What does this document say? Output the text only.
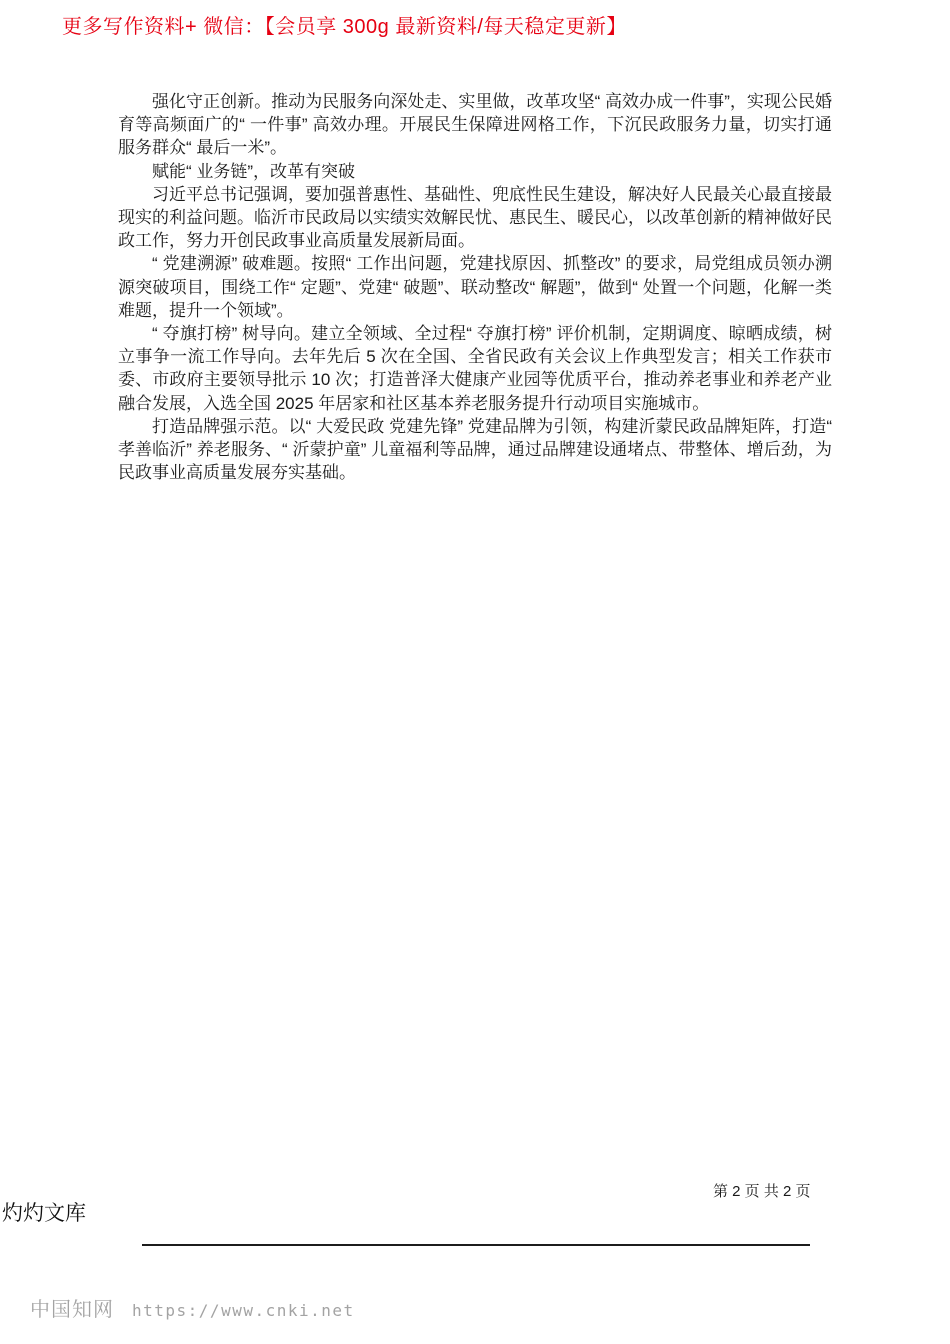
更多写作资料+ 微信：【会员享 300g 最新资料/每天稳定更新】

强化守正创新。推动为民服务向深处走、实里做，改革攻坚“ 高效办成一件事”，实现公民婚育等高频面广的“ 一件事” 高效办理。开展民生保障进网格工作，下沉民政服务力量，切实打通服务群众“ 最后一米”。

赋能“ 业务链”，改革有突破

习近平总书记强调，要加强普惠性、基础性、兜底性民生建设，解决好人民最关心最直接最现实的利益问题。临沂市民政局以实绩实效解民忧、惠民生、暖民心，以改革创新的精神做好民政工作，努力开创民政事业高质量发展新局面。

“ 党建溯源” 破难题。按照“ 工作出问题，党建找原因、抓整改” 的要求，局党组成员领办溯源突破项目，围绕工作“ 定题”、党建“ 破题”、联动整改“ 解题”，做到“ 处置一个问题，化解一类难题，提升一个领域”。

“ 夺旗打榜” 树导向。建立全领域、全过程“ 夺旗打榜” 评价机制，定期调度、晾晒成绩，树立事争一流工作导向。去年先后 5 次在全国、全省民政有关会议上作典型发言；相关工作获市委、市政府主要领导批示 10 次；打造普泽大健康产业园等优质平台，推动养老事业和养老产业融合发展，入选全国 2025 年居家和社区基本养老服务提升行动项目实施城市。

打造品牌强示范。以“ 大爱民政 党建先锋” 党建品牌为引领，构建沂蒙民政品牌矩阵，打造“ 孝善临沂” 养老服务、“ 沂蒙护童” 儿童福利等品牌，通过品牌建设通堵点、带整体、增后劲，为民政事业高质量发展夯实基础。

第 2 页 共 2 页
灼灼文库
中国知网 https://www.cnki.net
